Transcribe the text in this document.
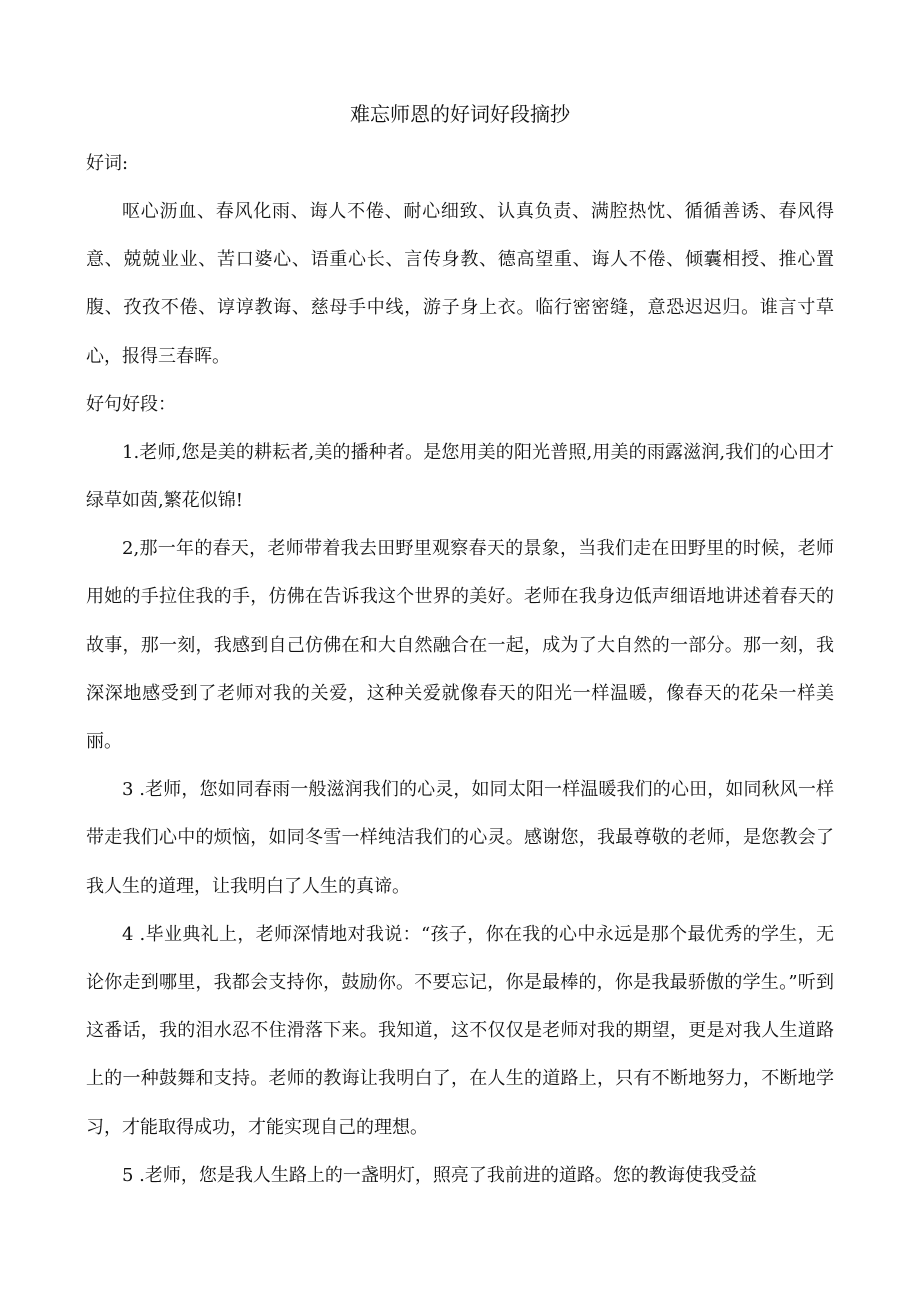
难忘师恩的好词好段摘抄

好词:

呕心沥血、春风化雨、诲人不倦、耐心细致、认真负责、满腔热忱、循循善诱、春风得意、兢兢业业、苦口婆心、语重心长、言传身教、德高望重、诲人不倦、倾囊相授、推心置腹、孜孜不倦、谆谆教诲、慈母手中线，游子身上衣。临行密密缝，意恐迟迟归。谁言寸草心，报得三春晖。

好句好段：

1.老师,您是美的耕耘者,美的播种者。是您用美的阳光普照,用美的雨露滋润,我们的心田才绿草如茵,繁花似锦!

2,那一年的春天，老师带着我去田野里观察春天的景象，当我们走在田野里的时候，老师用她的手拉住我的手，仿佛在告诉我这个世界的美好。老师在我身边低声细语地讲述着春天的故事，那一刻，我感到自己仿佛在和大自然融合在一起，成为了大自然的一部分。那一刻，我深深地感受到了老师对我的关爱，这种关爱就像春天的阳光一样温暖，像春天的花朵一样美丽。

3 .老师，您如同春雨一般滋润我们的心灵，如同太阳一样温暖我们的心田，如同秋风一样带走我们心中的烦恼，如同冬雪一样纯洁我们的心灵。感谢您，我最尊敬的老师，是您教会了我人生的道理，让我明白了人生的真谛。

4 .毕业典礼上，老师深情地对我说：“孩子，你在我的心中永远是那个最优秀的学生，无论你走到哪里，我都会支持你，鼓励你。不要忘记，你是最棒的，你是我最骄傲的学生。”听到这番话，我的泪水忍不住滑落下来。我知道，这不仅仅是老师对我的期望，更是对我人生道路上的一种鼓舞和支持。老师的教诲让我明白了，在人生的道路上，只有不断地努力，不断地学习，才能取得成功，才能实现自己的理想。

5 .老师，您是我人生路上的一盏明灯，照亮了我前进的道路。您的教诲使我受益
